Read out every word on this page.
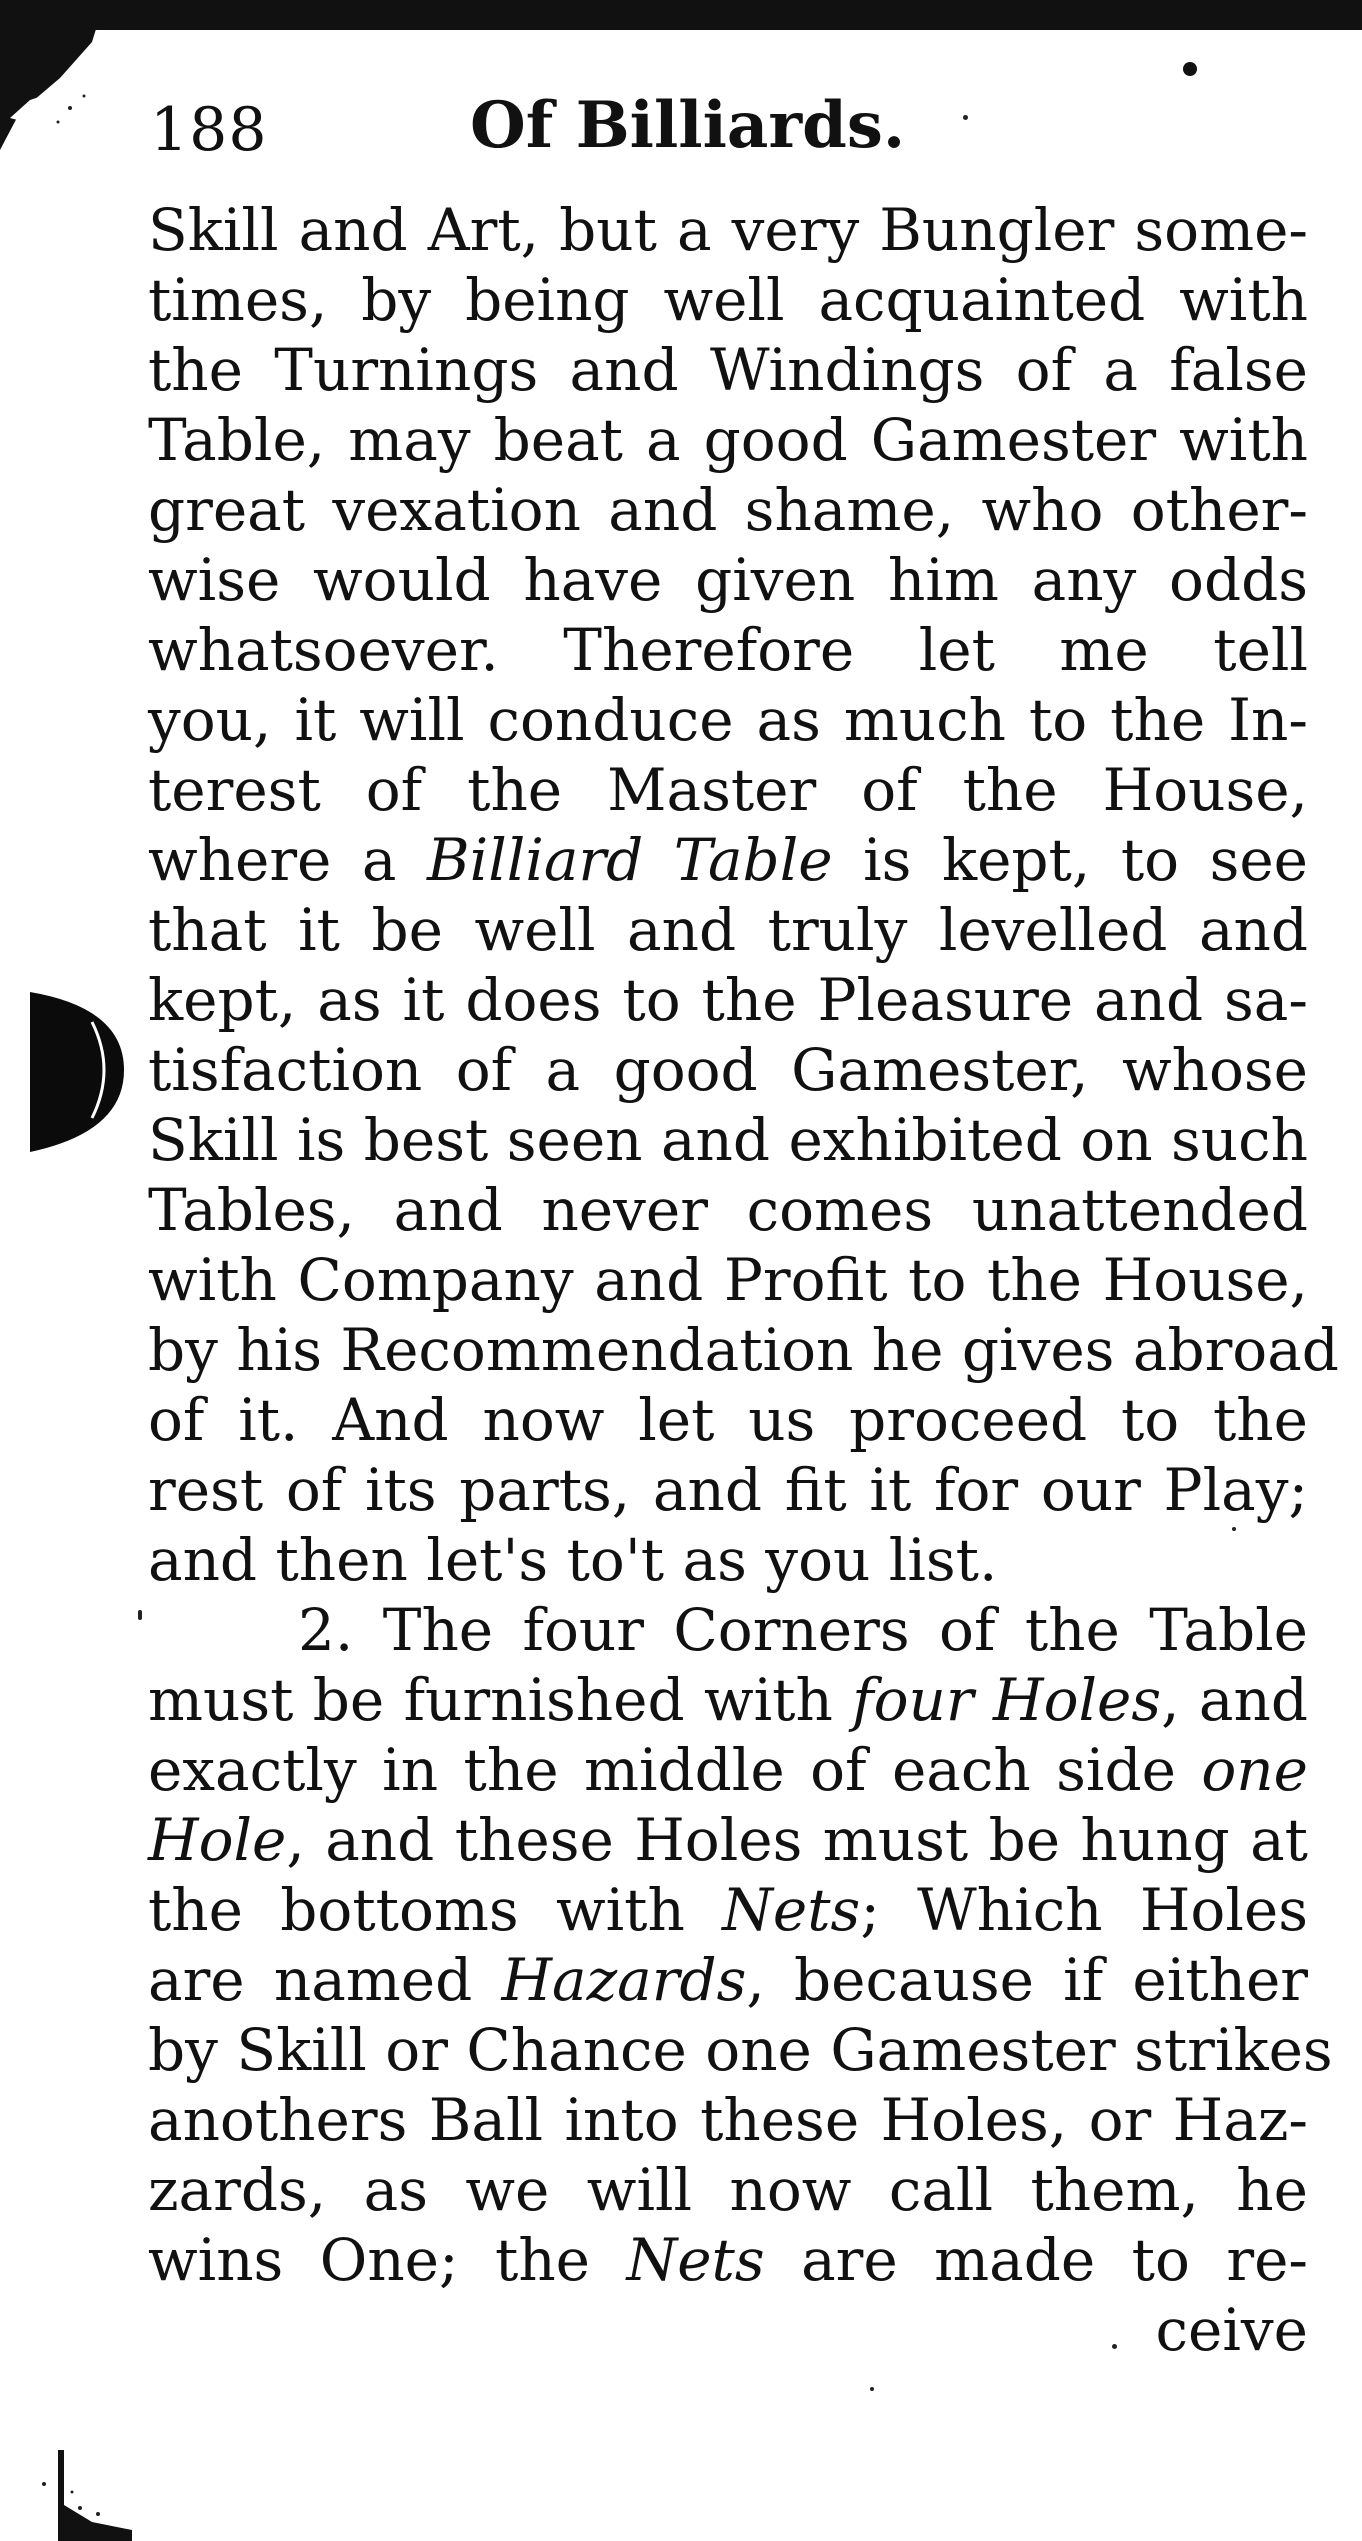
188	Of Billiards.
Skill and Art, but a very Bungler some-
times, by being well acquainted with
the Turnings and Windings of a false
Table, may beat a good Gamester with
great vexation and shame, who other-
wise would have given him any odds
whatsoever. Therefore let me tell
you, it will conduce as much to the In-
terest of the Master of the House,
where a Billiard Table is kept, to see
that it be well and truly levelled and
kept, as it does to the Pleasure and sa-
tisfaction of a good Gamester, whose
Skill is best seen and exhibited on such
Tables, and never comes unattended
with Company and Profit to the House,
by his Recommendation he gives abroad
of it. And now let us proceed to the
rest of its parts, and fit it for our Play;
and then let's to't as you list.
2. The four Corners of the Table
must be furnished with four Holes, and
exactly in the middle of each side one
Hole, and these Holes must be hung at
the bottoms with Nets; Which Holes
are named Hazards, because if either
by Skill or Chance one Gamester strikes
anothers Ball into these Holes, or Haz-
zards, as we will now call them, he
wins One; the Nets are made to re-
ceive
